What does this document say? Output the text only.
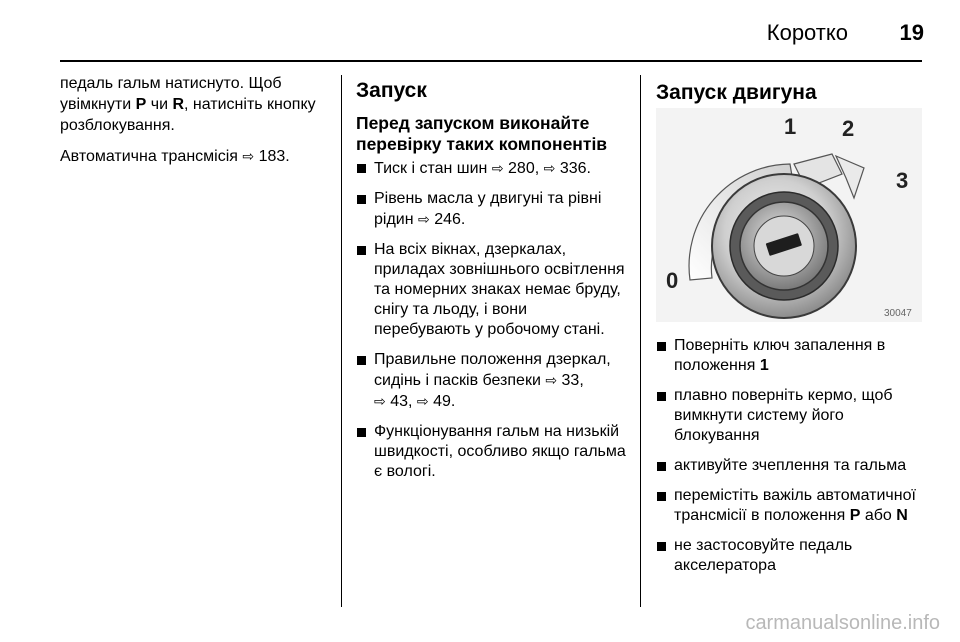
Коротко	19

педаль гальм натиснуто. Щоб увімкнути P чи R, натисніть кнопку розблокування.

Автоматична трансмісія ⇨ 183.

Запуск
Перед запуском виконайте перевірку таких компонентів
Тиск і стан шин ⇨ 280, ⇨ 336.
Рівень масла у двигуні та рівні рідин ⇨ 246.
На всіх вікнах, дзеркалах, приладах зовнішнього освітлення та номерних знаках немає бруду, снігу та льоду, і вони перебувають у робочому стані.
Правильне положення дзеркал, сидінь і пасків безпеки ⇨ 33,
⇨ 43, ⇨ 49.
Функціонування гальм на низькій швидкості, особливо якщо гальма є вологі.
Запуск двигуна
0
1 2
3
30047
Поверніть ключ запалення в положення 1
плавно поверніть кермо, щоб вимкнути систему його блокування
активуйте зчеплення та гальма
перемістіть важіль автоматичної трансмісії в положення P або N
не застосовуйте педаль акселератора
carmanualsonline.info
